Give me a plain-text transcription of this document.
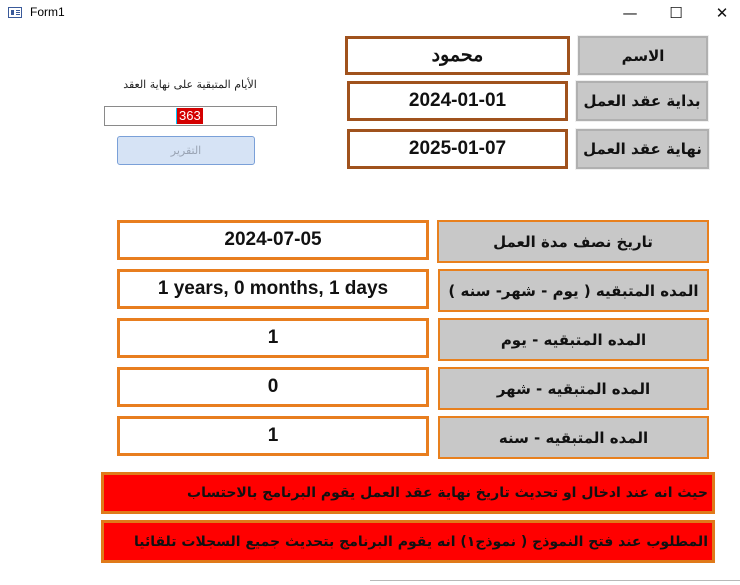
Form1	—	☐	✕
محمود	الاسم
2024-01-01	بداية عقد العمل
2025-01-07	نهاية عقد العمل
الأيام المتبقية على نهاية العقد
363
التقرير
2024-07-05	تاريخ نصف مدة العمل
1 years, 0 months, 1 days	المده المتبقيه ( يوم - شهر- سنه )
1	المده المتبقيه - يوم
0	المده المتبقيه - شهر
1	المده المتبقيه - سنه
حيث انه عند ادخال او تحديث تاريخ نهاية عقد العمل يقوم البرنامج بالاحتساب
المطلوب عند فتح النموذج ( نموذج١) انه يقوم البرنامج بتحديث جميع السجلات تلقائيا
